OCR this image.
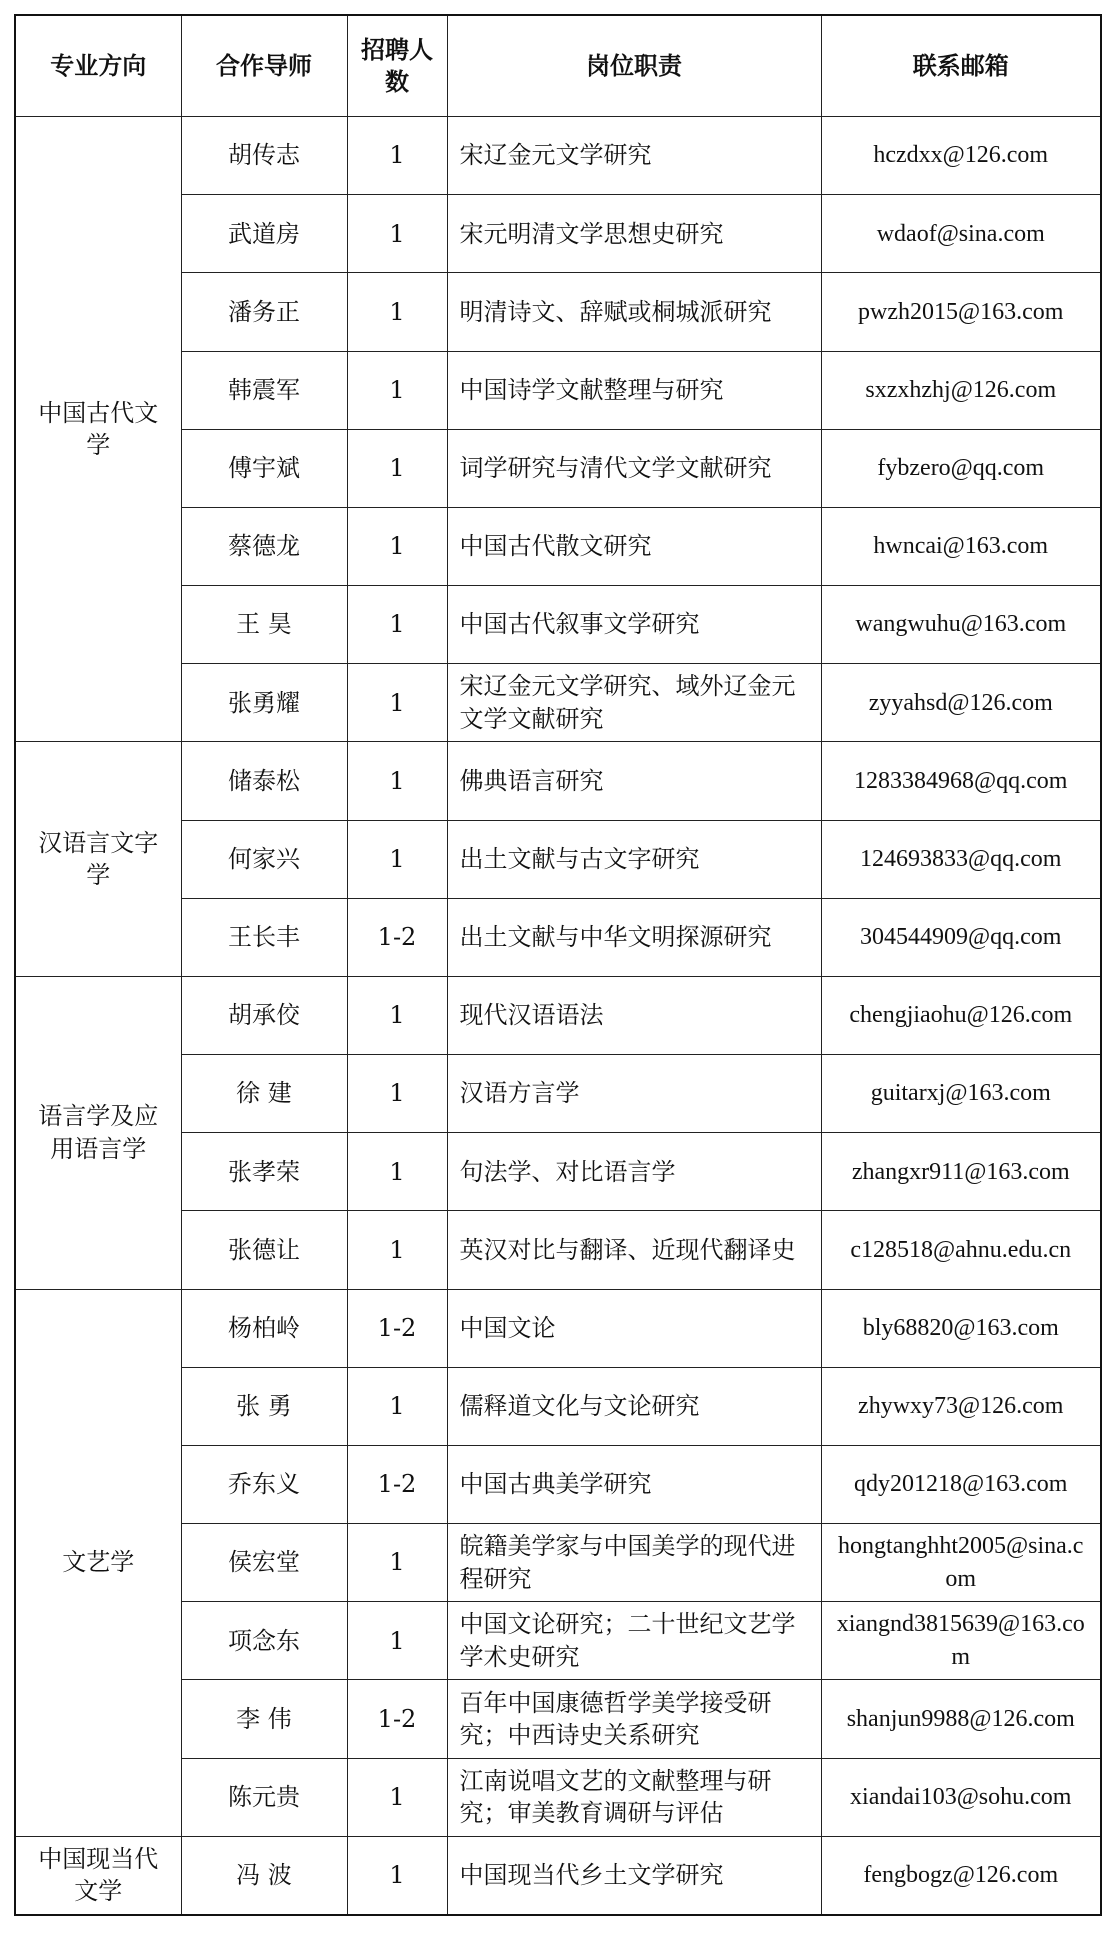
专业方向	合作导师	招聘人数	岗位职责	联系邮箱
中国古代文学	胡传志	1	宋辽金元文学研究	hczdxx@126.com
	武道房	1	宋元明清文学思想史研究	wdaof@sina.com
	潘务正	1	明清诗文、辞赋或桐城派研究	pwzh2015@163.com
	韩震军	1	中国诗学文献整理与研究	sxzxhzhj@126.com
	傅宇斌	1	词学研究与清代文学文献研究	fybzero@qq.com
	蔡德龙	1	中国古代散文研究	hwncai@163.com
	王 昊	1	中国古代叙事文学研究	wangwuhu@163.com
	张勇耀	1	宋辽金元文学研究、域外辽金元文学文献研究	zyyahsd@126.com
汉语言文字学	储泰松	1	佛典语言研究	1283384968@qq.com
	何家兴	1	出土文献与古文字研究	124693833@qq.com
	王长丰	1-2	出土文献与中华文明探源研究	304544909@qq.com
语言学及应用语言学	胡承佼	1	现代汉语语法	chengjiaohu@126.com
	徐 建	1	汉语方言学	guitarxj@163.com
	张孝荣	1	句法学、对比语言学	zhangxr911@163.com
	张德让	1	英汉对比与翻译、近现代翻译史	c128518@ahnu.edu.cn
文艺学	杨柏岭	1-2	中国文论	bly68820@163.com
	张 勇	1	儒释道文化与文论研究	zhywxy73@126.com
	乔东义	1-2	中国古典美学研究	qdy201218@163.com
	侯宏堂	1	皖籍美学家与中国美学的现代进程研究	hongtanghht2005@sina.com
	项念东	1	中国文论研究；二十世纪文艺学学术史研究	xiangnd3815639@163.com
	李 伟	1-2	百年中国康德哲学美学接受研究；中西诗史关系研究	shanjun9988@126.com
	陈元贵	1	江南说唱文艺的文献整理与研究；审美教育调研与评估	xiandai103@sohu.com
中国现当代文学	冯 波	1	中国现当代乡土文学研究	fengbogz@126.com
